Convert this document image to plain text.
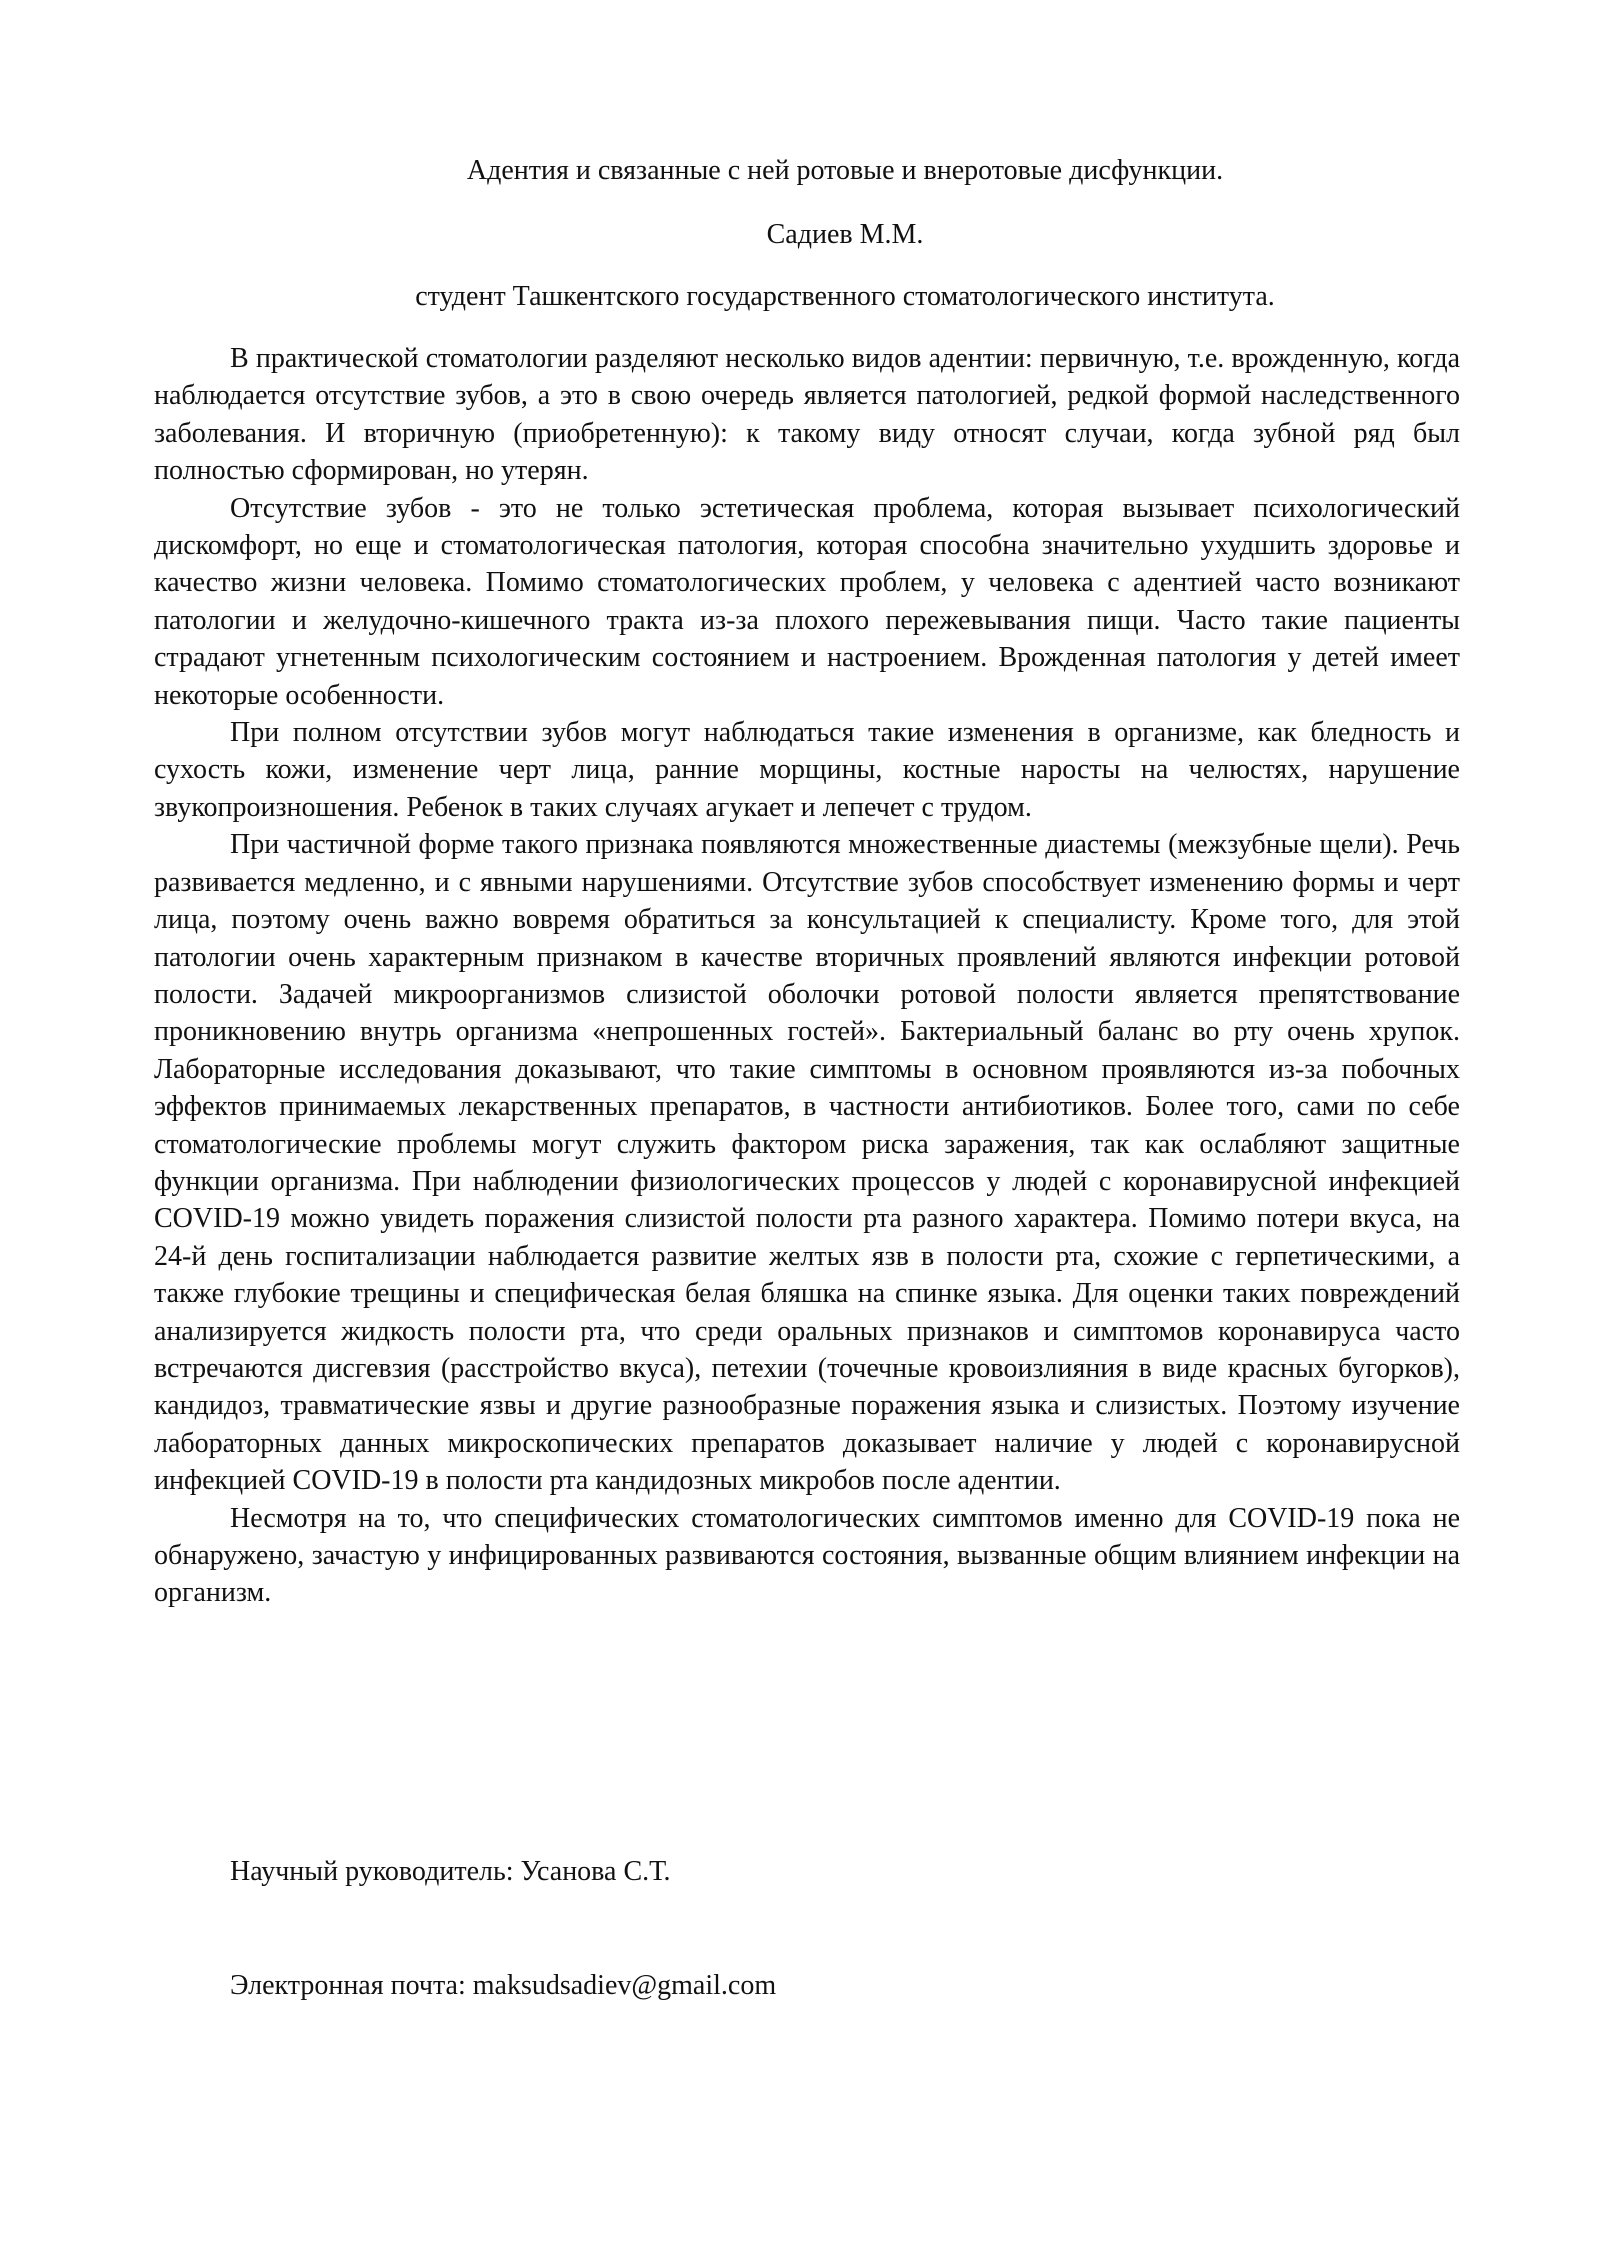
Адентия и связанные с ней ротовые и внеротовые дисфункции.

Садиев М.М.

студент Ташкентского государственного стоматологического института.

В практической стоматологии разделяют несколько видов адентии: первичную, т.е. врожденную, когда наблюдается отсутствие зубов, а это в свою очередь является патологией, редкой формой наследственного заболевания. И вторичную (приобретенную): к такому виду относят случаи, когда зубной ряд был полностью сформирован, но утерян.

Отсутствие зубов - это не только эстетическая проблема, которая вызывает психологический дискомфорт, но еще и стоматологическая патология, которая способна значительно ухудшить здоровье и качество жизни человека. Помимо стоматологических проблем, у человека с адентией часто возникают патологии и желудочно-кишечного тракта из-за плохого пережевывания пищи. Часто такие пациенты страдают угнетенным психологическим состоянием и настроением. Врожденная патология у детей имеет некоторые особенности.

При полном отсутствии зубов могут наблюдаться такие изменения в организме, как бледность и сухость кожи, изменение черт лица, ранние морщины, костные наросты на челюстях, нарушение звукопроизношения. Ребенок в таких случаях агукает и лепечет с трудом.

При частичной форме такого признака появляются множественные диастемы (межзубные щели). Речь развивается медленно, и с явными нарушениями. Отсутствие зубов способствует изменению формы и черт лица, поэтому очень важно вовремя обратиться за консультацией к специалисту. Кроме того, для этой патологии очень характерным признаком в качестве вторичных проявлений являются инфекции ротовой полости. Задачей микроорганизмов слизистой оболочки ротовой полости является препятствование проникновению внутрь организма «непрошенных гостей». Бактериальный баланс во рту очень хрупок. Лабораторные исследования доказывают, что такие симптомы в основном проявляются из-за побочных эффектов принимаемых лекарственных препаратов, в частности антибиотиков. Более того, сами по себе стоматологические проблемы могут служить фактором риска заражения, так как ослабляют защитные функции организма. При наблюдении физиологических процессов у людей с коронавирусной инфекцией COVID-19 можно увидеть поражения слизистой полости рта разного характера. Помимо потери вкуса, на 24-й день госпитализации наблюдается развитие желтых язв в полости рта, схожие с герпетическими, а также глубокие трещины и специфическая белая бляшка на спинке языка. Для оценки таких повреждений анализируется жидкость полости рта, что среди оральных признаков и симптомов коронавируса часто встречаются дисгевзия (расстройство вкуса), петехии (точечные кровоизлияния в виде красных бугорков), кандидоз, травматические язвы и другие разнообразные поражения языка и слизистых. Поэтому изучение лабораторных данных микроскопических препаратов доказывает наличие у людей с коронавирусной инфекцией COVID-19 в полости рта кандидозных микробов после адентии.

Несмотря на то, что специфических стоматологических симптомов именно для COVID-19 пока не обнаружено, зачастую у инфицированных развиваются состояния, вызванные общим влиянием инфекции на организм.

Научный руководитель: Усанова С.Т.

Электронная почта: maksudsadiev@gmail.com
